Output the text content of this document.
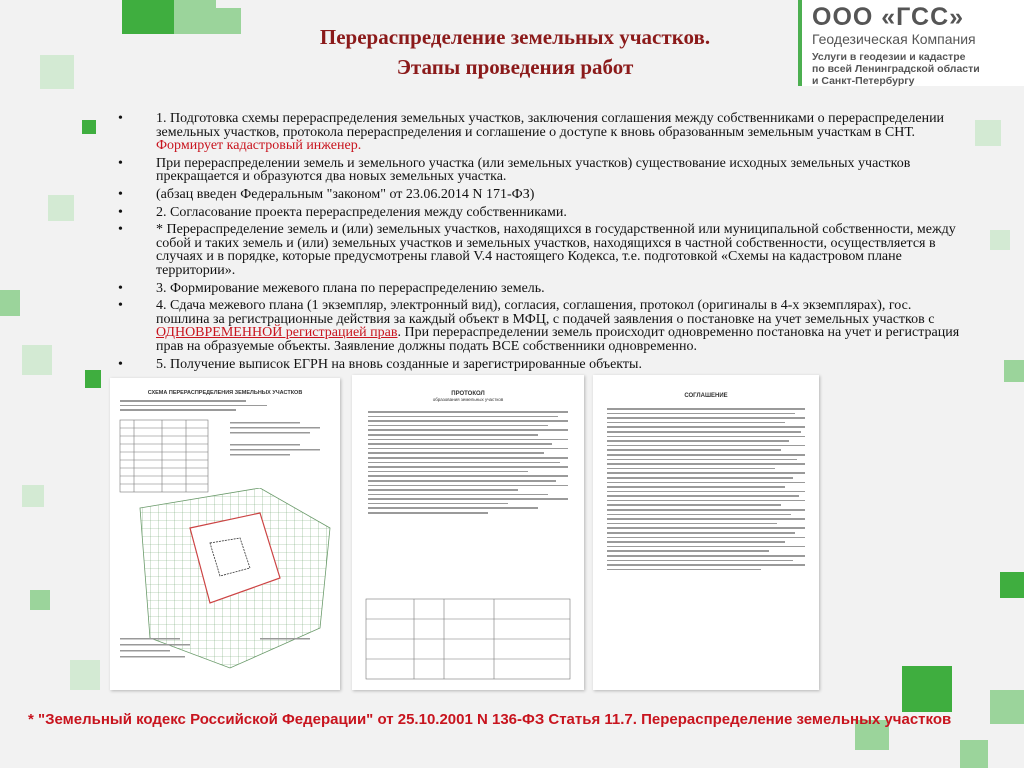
Перераспределение земельных участков.
Этапы проведения работ
ООО «ГСС»
Геодезическая Компания
Услуги в геодезии и кадастре
по всей Ленинградской области
и Санкт-Петербургу
• 1. Подготовка схемы перераспределения земельных участков, заключения соглашения между собственниками о перераспределении земельных участков, протокола перераспределения и соглашение о доступе к вновь образованным земельным участкам в СНТ. Формирует кадастровый инженер.
• При перераспределении земель и земельного участка (или земельных участков) существование исходных земельных участков прекращается и образуются два новых земельных участка.
• (абзац введен Федеральным "законом" от 23.06.2014 N 171-ФЗ)
• 2. Согласование проекта перераспределения между собственниками.
• * Перераспределение земель и (или) земельных участков, находящихся в государственной или муниципальной собственности, между собой и таких земель и (или) земельных участков и земельных участков, находящихся в частной собственности, осуществляется в случаях и в порядке, которые предусмотрены главой V.4 настоящего Кодекса, т.е. подготовкой «Схемы на кадастровом плане территории».
• 3. Формирование межевого плана по перераспределению земель.
• 4. Сдача межевого плана (1 экземпляр, электронный вид), согласия, соглашения, протокол (оригиналы в 4-х экземплярах), гос. пошлина за регистрационные действия за каждый объект в МФЦ, с подачей заявления о постановке на учет земельных участков с ОДНОВРЕМЕННОЙ регистрацией прав. При перераспределении земель происходит одновременно постановка на учет и регистрация прав на образуемые объекты. Заявление должны подать ВСЕ собственники одновременно.
• 5. Получение выписок ЕГРН на вновь созданные и зарегистрированные объекты.
СХЕМА ПЕРЕРАСПРЕДЕЛЕНИЯ ЗЕМЕЛЬНЫХ УЧАСТКОВ	ПРОТОКОЛ
образования земельных участков
СОГЛАШЕНИЕ
* "Земельный кодекс Российской Федерации" от 25.10.2001 N 136-ФЗ Статья 11.7. Перераспределение земельных участков
